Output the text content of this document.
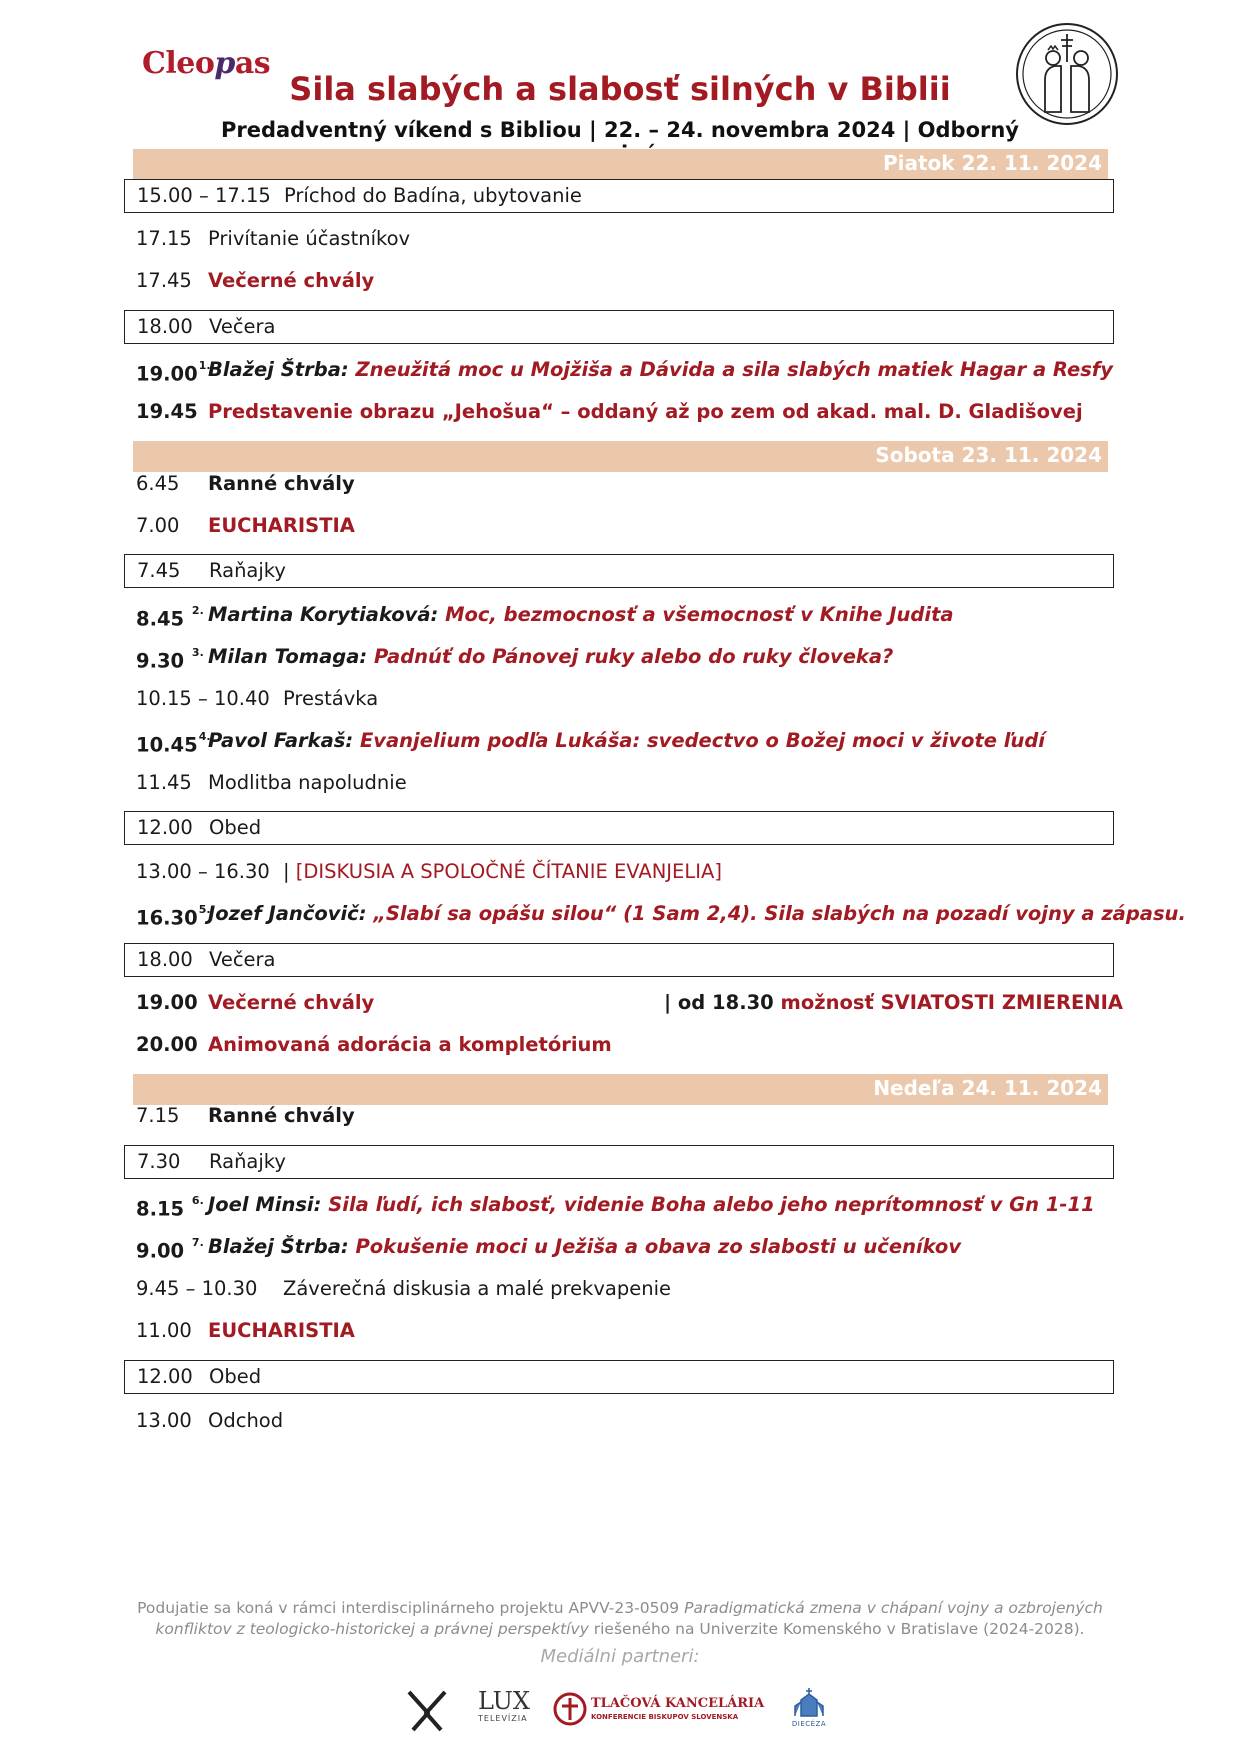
Cleopas
Sila slabých a slabosť silných v Biblii
Predadventný víkend s Bibliou | 22. – 24. novembra 2024 | Odborný
Piatok 22. 11. 2024
15.00 – 17.15 Príchod do Badína, ubytovanie
17.15 Privítanie účastníkov
17.45 Večerné chvály
18.00 Večera
$19.00^{1.}$
Blažej Štrba: Zneužitá moc u Mojžiša a Dávida a sila slabých matiek Hagar a Resfy
19.45 Predstavenie obrazu „Jehošua“ – oddaný až po zem od akad. mal. D. Gladišovej
Sobota 23. 11. 2024
6.45 Ranné chvály
7.00 EUCHARISTIA
7.45 Raňajky
8.45 $^{2.}$ Martina Korytiaková: Moc, bezmocnosť a všemocnosť v Knihe Judita
9.30 $^{3.}$ Milan Tomaga: Padnúť do Pánovej ruky alebo do ruky človeka?
10.15 – 10.40 Prestávka
$10.45^{4.}$
Pavol Farkaš: Evanjelium podľa Lukáša: svedectvo o Božej moci v živote ľudí
11.45 Modlitba napoludnie
12.00 Obed
13.00 – 16.30 | [DISKUSIA A SPOLOČNÉ ČÍTANIE EVANJELIA]
$16.30^{5.}$
Jozef Jančovič: „Slabí sa opášu silou“ (1 Sam 2,4). Sila slabých na pozadí vojny a zápasu.
18.00 Večera
19.00 Večerné chvály	| od 18.30 možnosť SVIATOSTI ZMIERENIA
20.00 Animovaná adorácia a kompletórium
Nedeľa 24. 11. 2024
7.15 Ranné chvály
7.30 Raňajky
8.15 $^{6.}$ Joel Minsi: Sila ľudí, ich slabosť, videnie Boha alebo jeho neprítomnosť v Gn 1-11
9.00 $^{7.}$ Blažej Štrba: Pokušenie moci u Ježiša a obava zo slabosti u učeníkov
9.45 – 10.30 Záverečná diskusia a malé prekvapenie
11.00 EUCHARISTIA
12.00 Obed
13.00 Odchod
Podujatie sa koná v rámci interdisciplinárneho projektu APVV-23-0509 Paradigmatická zmena v chápaní vojny a ozbrojených
konfliktov z teologicko-historickej a právnej perspektívy riešeného na Univerzite Komenského v Bratislave (2024-2028).
Mediálni partneri:
LUX
TELEVÍZIA
TLAČOVÁ KANCELÁRIA
KONFERENCIE BISKUPOV SLOVENSKA
DIECÉZA
